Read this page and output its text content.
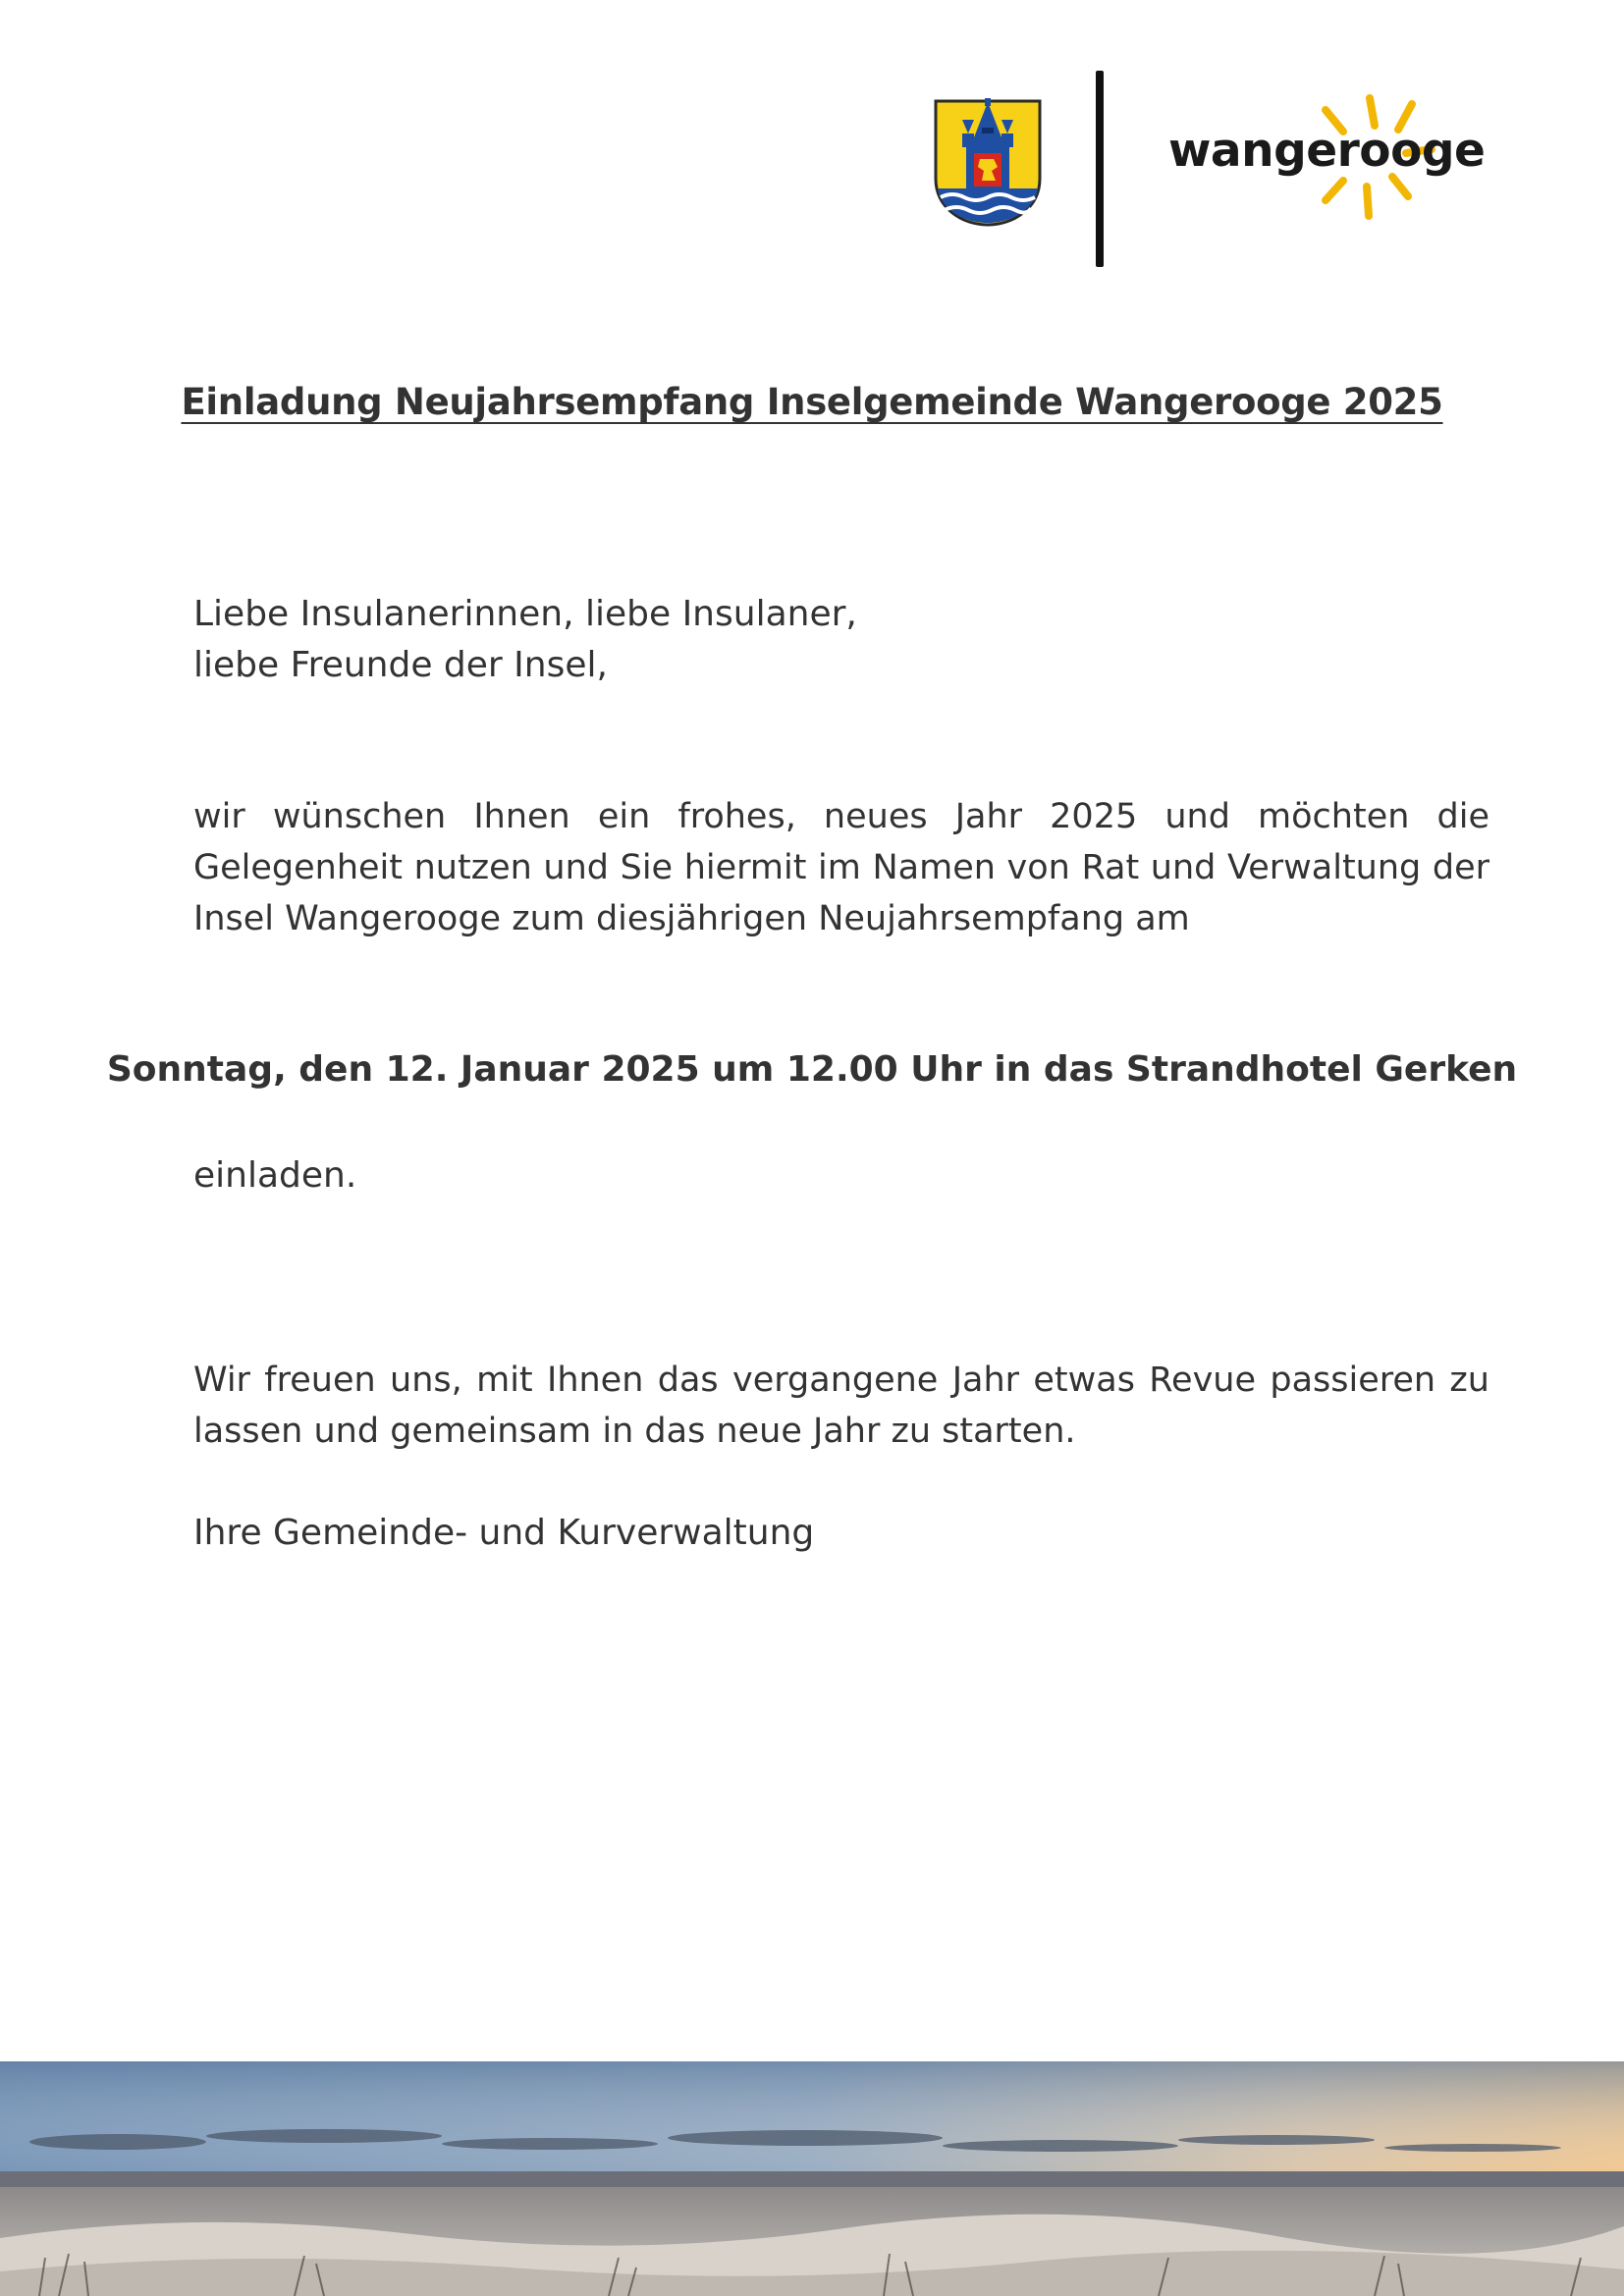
wangerooge
Einladung Neujahrsempfang Inselgemeinde Wangerooge 2025
Liebe Insulanerinnen, liebe Insulaner,
liebe Freunde der Insel,
wir wünschen Ihnen ein frohes, neues Jahr 2025 und möchten die
Gelegenheit nutzen und Sie hiermit im Namen von Rat und Verwaltung der
Insel Wangerooge zum diesjährigen Neujahrsempfang am
Sonntag, den 12. Januar 2025 um 12.00 Uhr in das Strandhotel Gerken
einladen.
Wir freuen uns, mit Ihnen das vergangene Jahr etwas Revue passieren zu
lassen und gemeinsam in das neue Jahr zu starten.
Ihre Gemeinde- und Kurverwaltung
